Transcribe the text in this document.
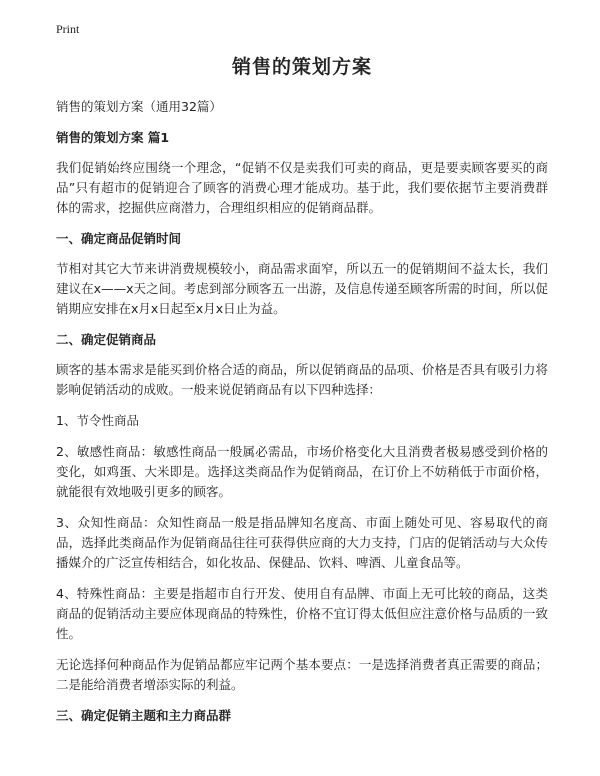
Print
销售的策划方案
销售的策划方案（通用32篇）
销售的策划方案 篇1
我们促销始终应围绕一个理念，“促销不仅是卖我们可卖的商品，更是要卖顾客要买的商品”只有超市的促销迎合了顾客的消费心理才能成功。基于此，我们要依据节主要消费群体的需求，挖掘供应商潜力，合理组织相应的促销商品群。
一、确定商品促销时间
节相对其它大节来讲消费规模较小，商品需求面窄，所以五一的促销期间不益太长，我们建议在x——x天之间。考虑到部分顾客五一出游，及信息传递至顾客所需的时间，所以促销期应安排在x月x日起至x月x日止为益。
二、确定促销商品
顾客的基本需求是能买到价格合适的商品，所以促销商品的品项、价格是否具有吸引力将影响促销活动的成败。一般来说促销商品有以下四种选择：
1、节令性商品
2、敏感性商品：敏感性商品一般属必需品，市场价格变化大且消费者极易感受到价格的变化，如鸡蛋、大米即是。选择这类商品作为促销商品，在订价上不妨稍低于市面价格，就能很有效地吸引更多的顾客。
3、众知性商品：众知性商品一般是指品牌知名度高、市面上随处可见、容易取代的商品，选择此类商品作为促销商品往往可获得供应商的大力支持，门店的促销活动与大众传播媒介的广泛宣传相结合，如化妆品、保健品、饮料、啤酒、儿童食品等。
4、特殊性商品：主要是指超市自行开发、使用自有品牌、市面上无可比较的商品，这类商品的促销活动主要应体现商品的特殊性，价格不宜订得太低但应注意价格与品质的一致性。
无论选择何种商品作为促销品都应牢记两个基本要点：一是选择消费者真正需要的商品；二是能给消费者增添实际的利益。
三、确定促销主题和主力商品群
